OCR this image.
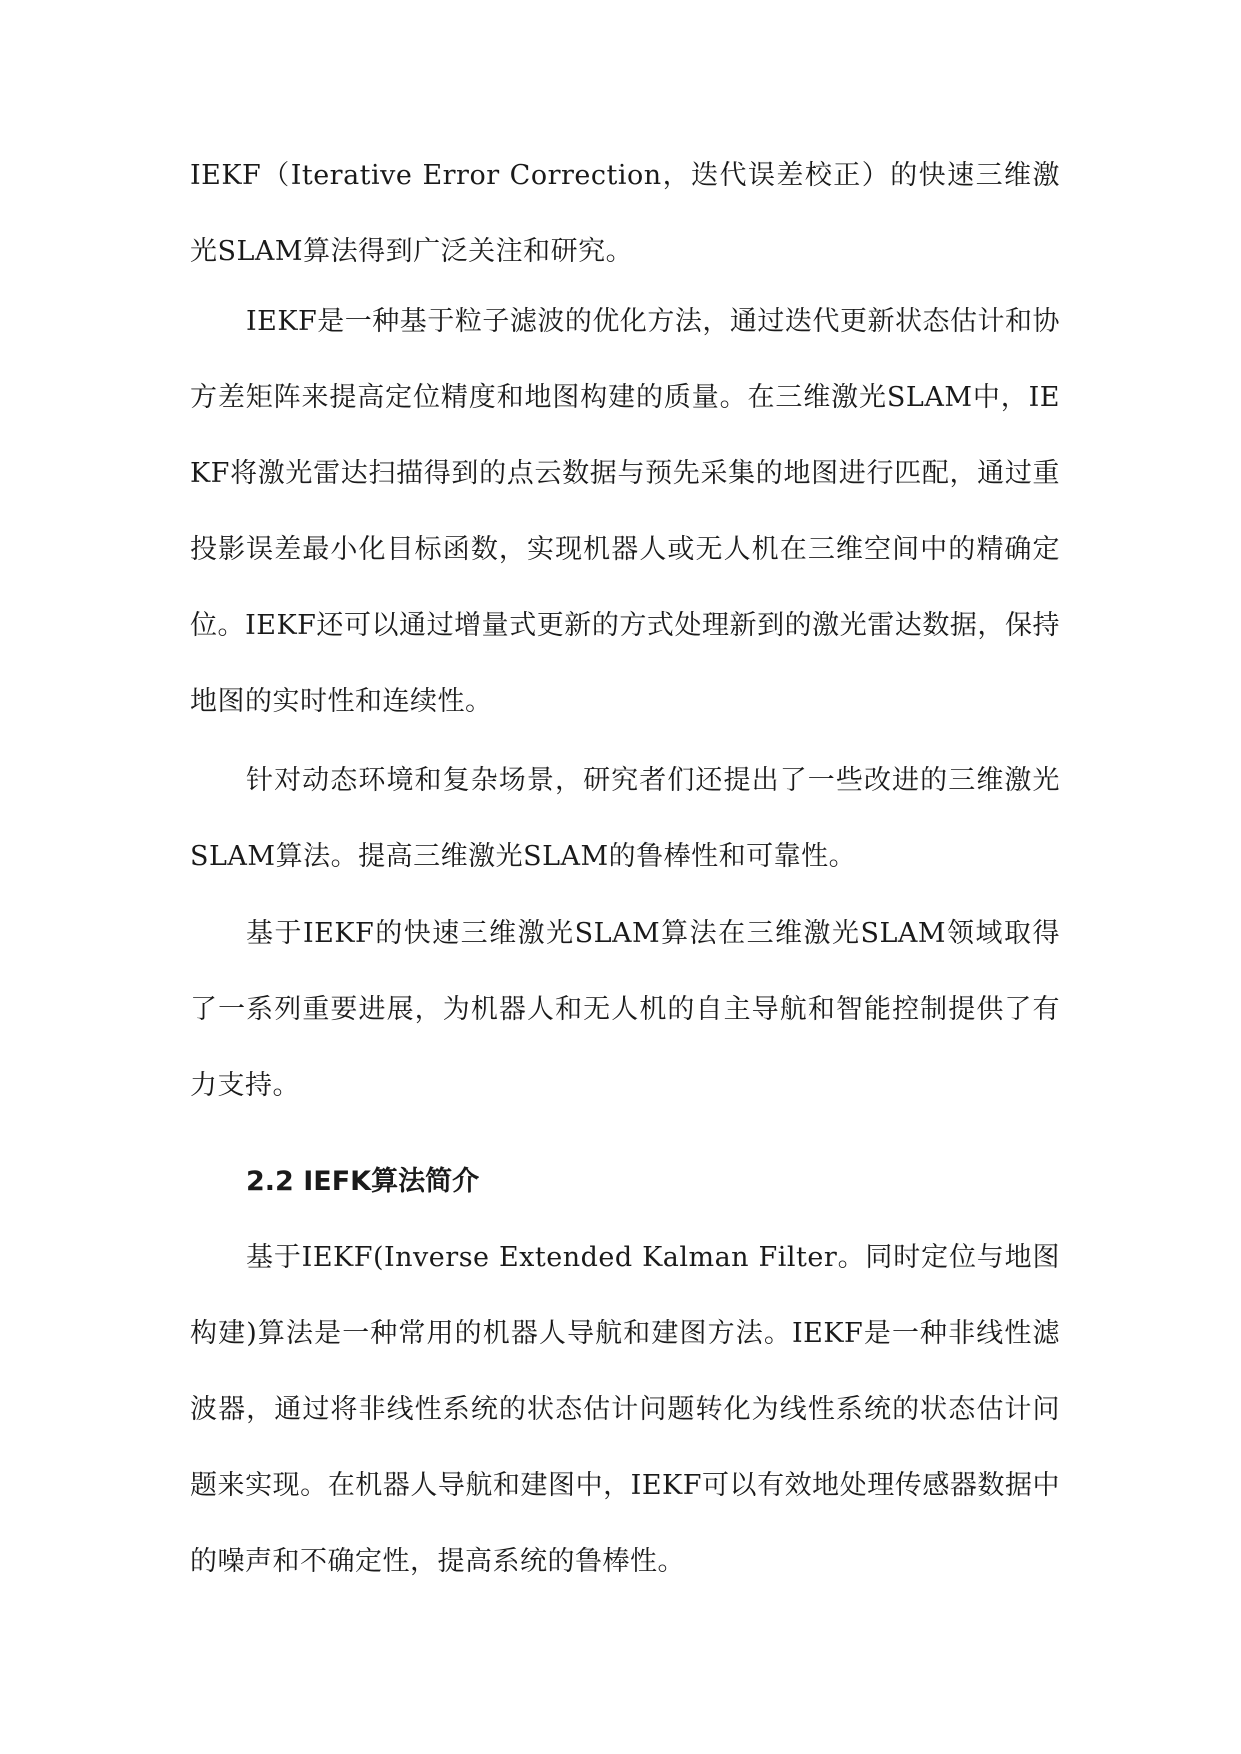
IEKF（Iterative Error Correction，迭代误差校正）的快速三维激光SLAM算法得到广泛关注和研究。

IEKF是一种基于粒子滤波的优化方法，通过迭代更新状态估计和协方差矩阵来提高定位精度和地图构建的质量。在三维激光SLAM中，IEKF将激光雷达扫描得到的点云数据与预先采集的地图进行匹配，通过重投影误差最小化目标函数，实现机器人或无人机在三维空间中的精确定位。IEKF还可以通过增量式更新的方式处理新到的激光雷达数据，保持地图的实时性和连续性。

针对动态环境和复杂场景，研究者们还提出了一些改进的三维激光SLAM算法。提高三维激光SLAM的鲁棒性和可靠性。

基于IEKF的快速三维激光SLAM算法在三维激光SLAM领域取得了一系列重要进展，为机器人和无人机的自主导航和智能控制提供了有力支持。

2.2 IEFK算法简介

基于IEKF(Inverse Extended Kalman Filter。同时定位与地图构建)算法是一种常用的机器人导航和建图方法。IEKF是一种非线性滤波器，通过将非线性系统的状态估计问题转化为线性系统的状态估计问题来实现。在机器人导航和建图中，IEKF可以有效地处理传感器数据中的噪声和不确定性，提高系统的鲁棒性。
